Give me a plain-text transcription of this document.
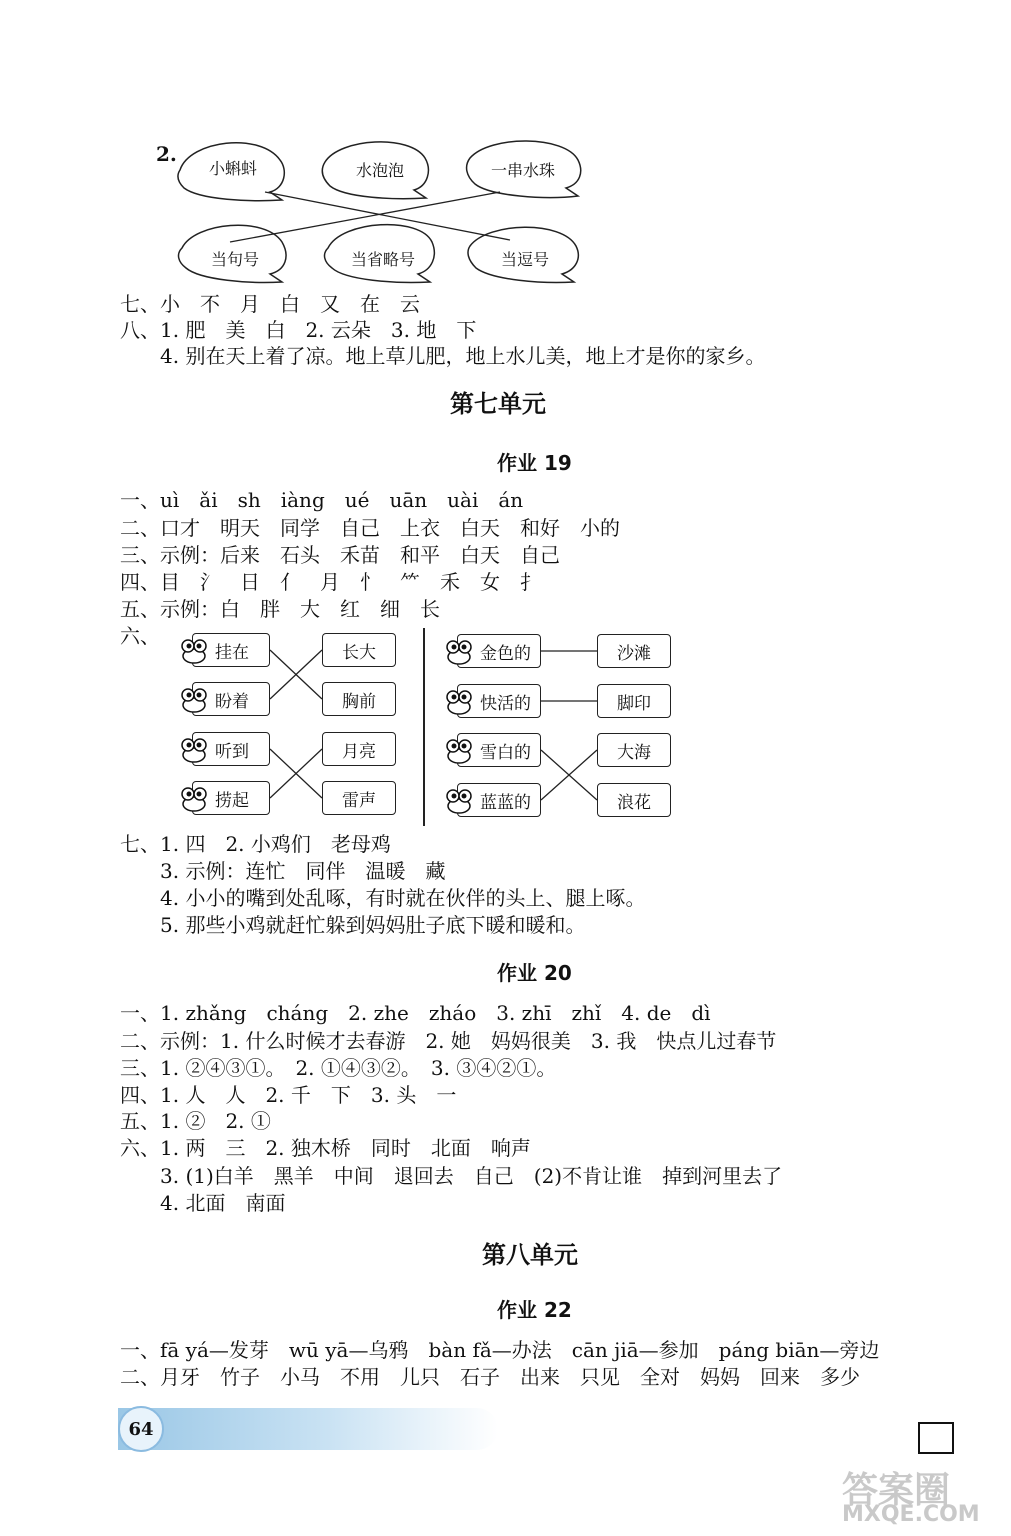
2.
小蝌蚪	水泡泡	一串水珠
当句号	当省略号	当逗号
七、小　不　月　白　又　在　云
八、1. 肥　美　白　2. 云朵　3. 地　下
　　4. 别在天上着了凉。地上草儿肥，地上水儿美，地上才是你的家乡。
第七单元
作业 19
一、uì　ǎi　sh　iàng　ué　uān　uài　án
二、口才　明天　同学　自己　上衣　白天　和好　小的
三、示例：后来　石头　禾苗　和平　白天　自己
四、目　氵　日　亻　月　忄　⺮　禾　女　扌
五、示例：白　胖　大　红　细　长
六、
挂在
盼着
听到
捞起
长大
胸前
月亮
雷声
金色的
快活的
雪白的
蓝蓝的
沙滩
脚印
大海
浪花
七、1. 四　2. 小鸡们　老母鸡
　　3. 示例：连忙　同伴　温暖　藏
　　4. 小小的嘴到处乱啄，有时就在伙伴的头上、腿上啄。
　　5. 那些小鸡就赶忙躲到妈妈肚子底下暖和暖和。
作业 20
一、1. zhǎng　cháng　2. zhe　zháo　3. zhī　zhǐ　4. de　dì
二、示例：1. 什么时候才去春游　2. 她　妈妈很美　3. 我　快点儿过春节
三、1. ②④③①。　2. ①④③②。　3. ③④②①。
四、1. 人　人　2. 千　下　3. 头　一
五、1. ②　2. ①
六、1. 两　三　2. 独木桥　同时　北面　响声
　　3. (1)白羊　黑羊　中间　退回去　自己　(2)不肯让谁　掉到河里去了
　　4. 北面　南面
第八单元
作业 22
一、fā yá—发芽　wū yā—乌鸦　bàn fǎ—办法　cān jiā—参加　páng biān—旁边
二、月牙　竹子　小马　不用　儿只　石子　出来　只见　全对　妈妈　回来　多少
64
答案圈
MXQE.COM
